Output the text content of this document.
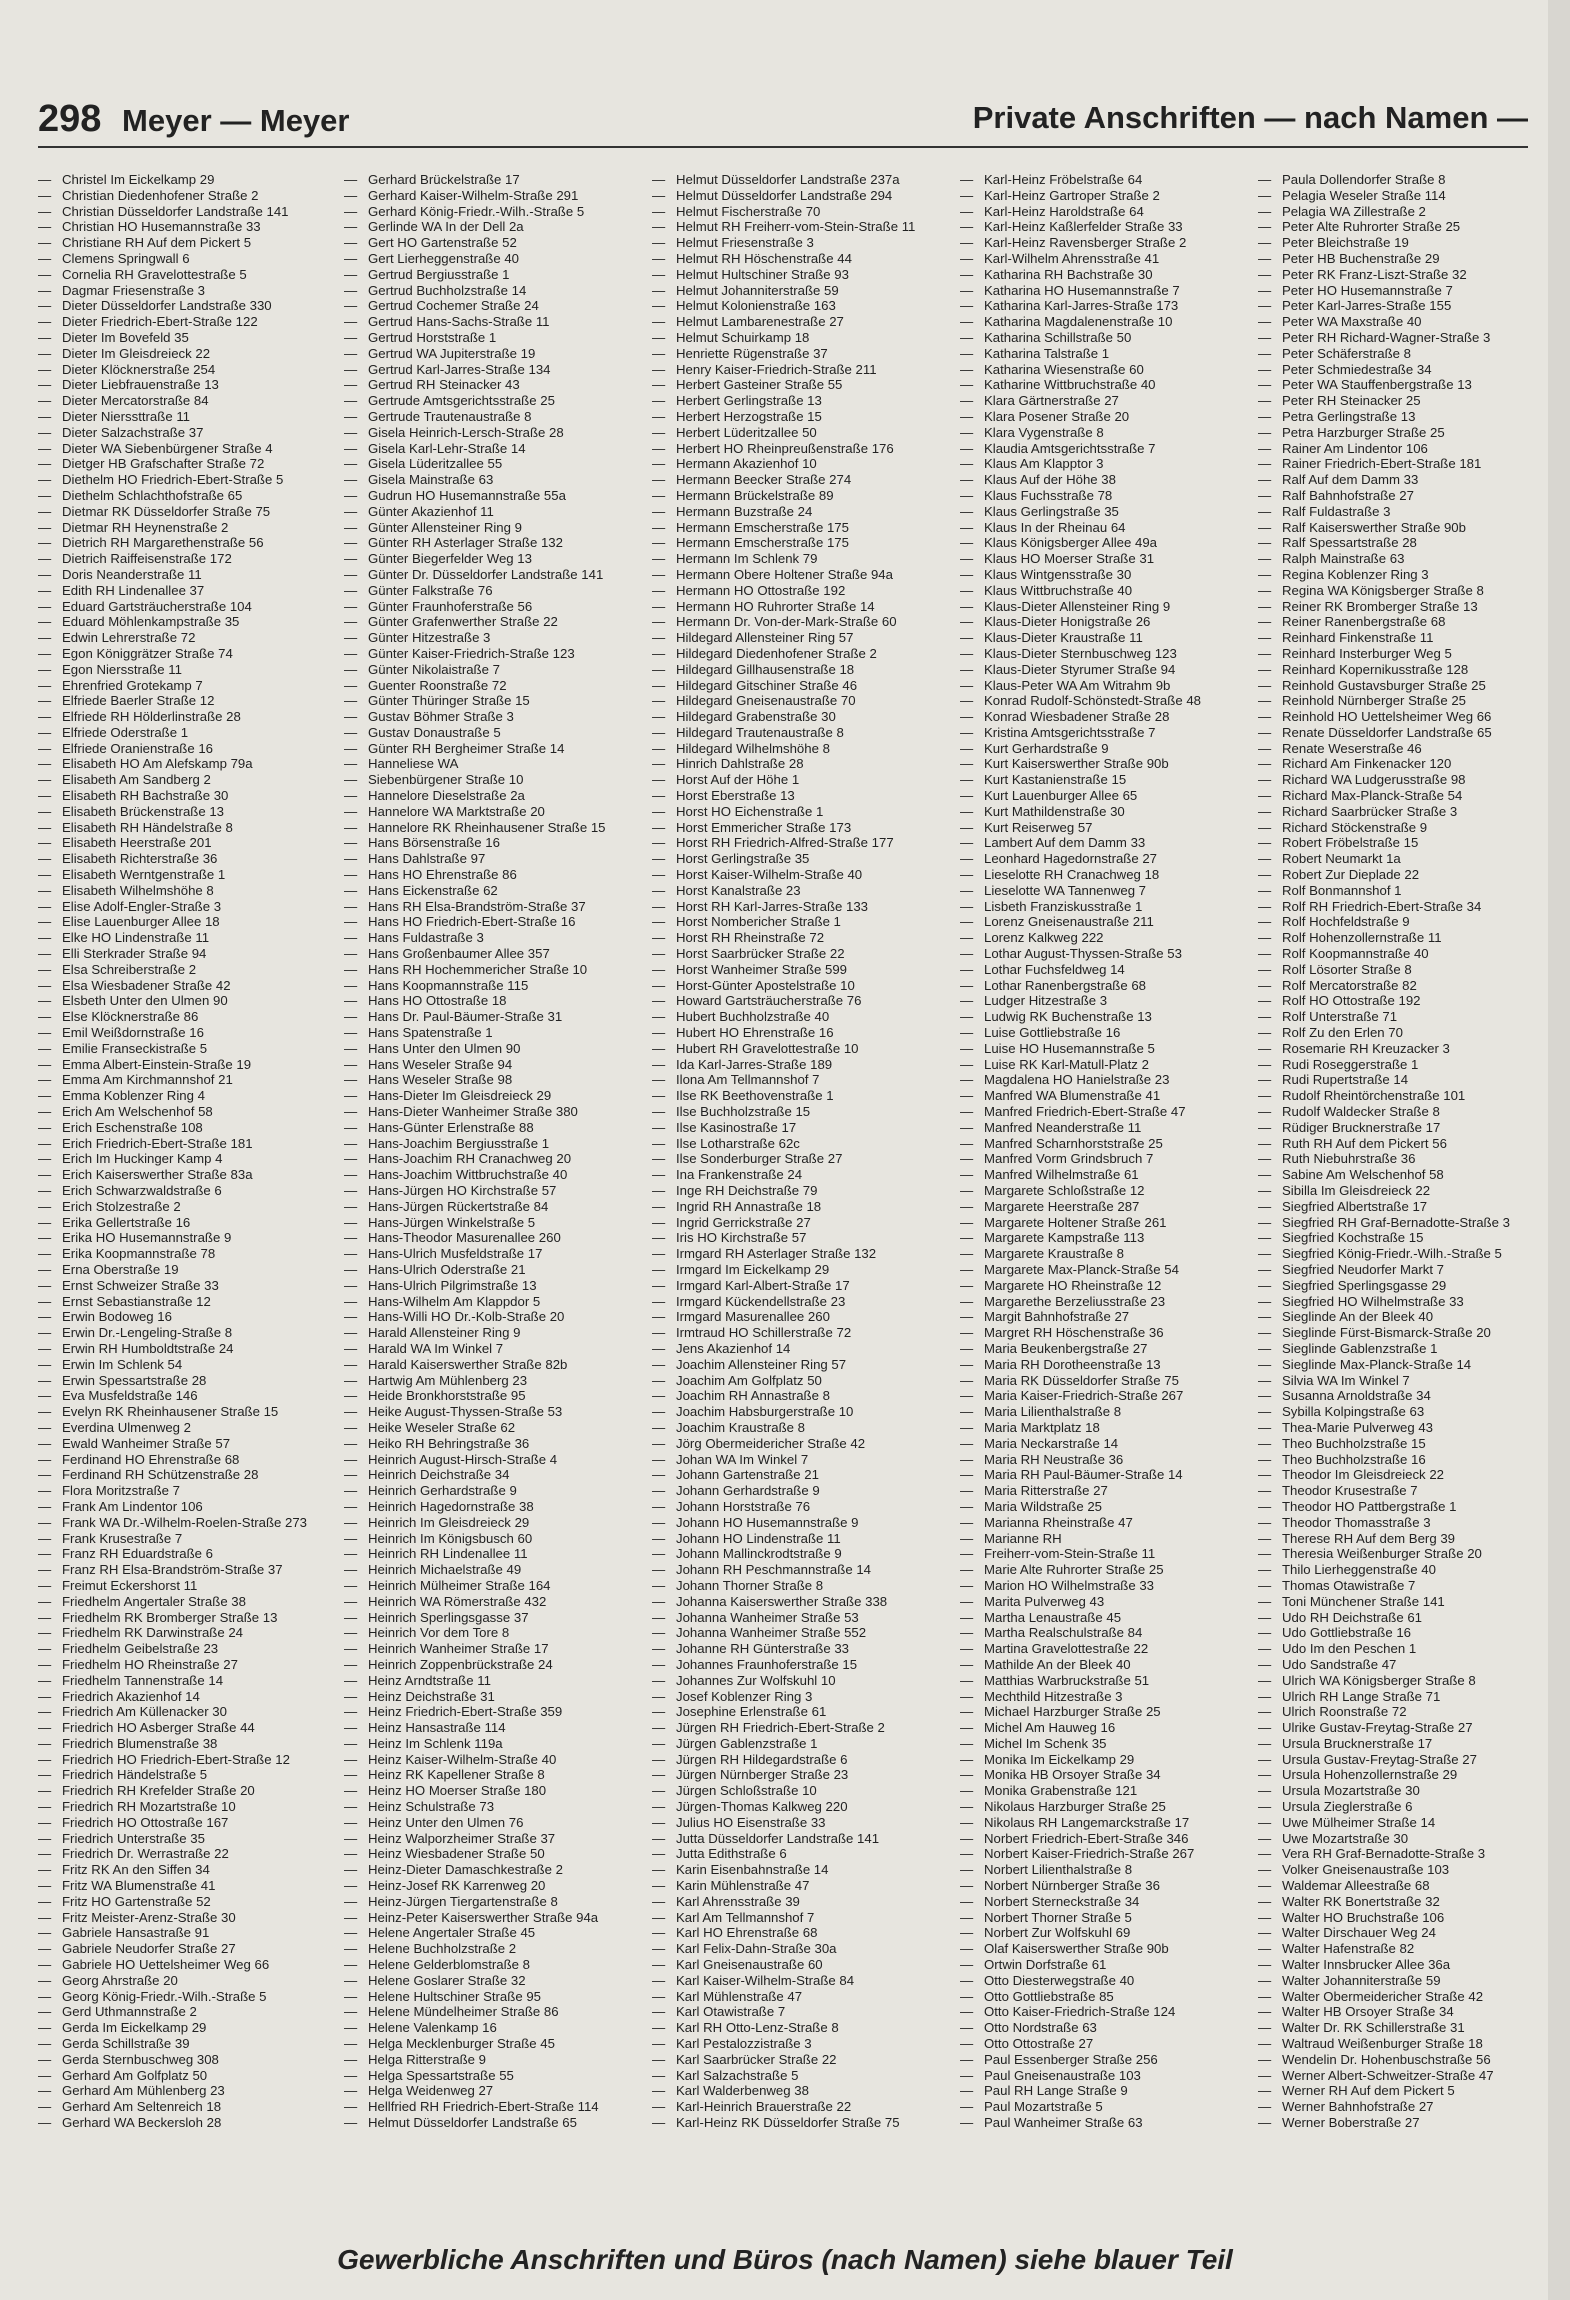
298 Meyer — Meyer	Private Anschriften — nach Namen —
— Christel Im Eickelkamp 29
— Christian Diedenhofener Straße 2
— Christian Düsseldorfer Landstraße 141
— Christian HO Husemannstraße 33
— Christiane RH Auf dem Pickert 5
— Clemens Springwall 6
— Cornelia RH Gravelottestraße 5
— Dagmar Friesenstraße 3
— Dieter Düsseldorfer Landstraße 330
— Dieter Friedrich-Ebert-Straße 122
— Dieter Im Bovefeld 35
— Dieter Im Gleisdreieck 22
— Dieter Klöcknerstraße 254
— Dieter Liebfrauenstraße 13
— Dieter Mercatorstraße 84
— Dieter Nierssttraße 11
— Dieter Salzachstraße 37
— Dieter WA Siebenbürgener Straße 4
— Dietger HB Grafschafter Straße 72
— Diethelm HO Friedrich-Ebert-Straße 5
— Diethelm Schlachthofstraße 65
— Dietmar RK Düsseldorfer Straße 75
— Dietmar RH Heynenstraße 2
— Dietrich RH Margarethenstraße 56
— Dietrich Raiffeisenstraße 172
— Doris Neanderstraße 11
— Edith RH Lindenallee 37
— Eduard Gartsträucherstraße 104
— Eduard Möhlenkampstraße 35
— Edwin Lehrerstraße 72
— Egon Königgrätzer Straße 74
— Egon Niersstraße 11
— Ehrenfried Grotekamp 7
— Elfriede Baerler Straße 12
— Elfriede RH Hölderlinstraße 28
— Elfriede Oderstraße 1
— Elfriede Oranienstraße 16
— Elisabeth HO Am Alefskamp 79a
— Elisabeth Am Sandberg 2
— Elisabeth RH Bachstraße 30
— Elisabeth Brückenstraße 13
— Elisabeth RH Händelstraße 8
— Elisabeth Heerstraße 201
— Elisabeth Richterstraße 36
— Elisabeth Werntgenstraße 1
— Elisabeth Wilhelmshöhe 8
— Elise Adolf-Engler-Straße 3
— Elise Lauenburger Allee 18
— Elke HO Lindenstraße 11
— Elli Sterkrader Straße 94
— Elsa Schreiberstraße 2
— Elsa Wiesbadener Straße 42
— Elsbeth Unter den Ulmen 90
— Else Klöcknerstraße 86
— Emil Weißdornstraße 16
— Emilie Franseckistraße 5
— Emma Albert-Einstein-Straße 19
— Emma Am Kirchmannshof 21
— Emma Koblenzer Ring 4
— Erich Am Welschenhof 58
— Erich Eschenstraße 108
— Erich Friedrich-Ebert-Straße 181
— Erich Im Huckinger Kamp 4
— Erich Kaiserswerther Straße 83a
— Erich Schwarzwaldstraße 6
— Erich Stolzestraße 2
— Erika Gellertstraße 16
— Erika HO Husemannstraße 9
— Erika Koopmannstraße 78
— Erna Oberstraße 19
— Ernst Schweizer Straße 33
— Ernst Sebastianstraße 12
— Erwin Bodoweg 16
— Erwin Dr.-Lengeling-Straße 8
— Erwin RH Humboldtstraße 24
— Erwin Im Schlenk 54
— Erwin Spessartstraße 28
— Eva Musfeldstraße 146
— Evelyn RK Rheinhausener Straße 15
— Everdina Ulmenweg 2
— Ewald Wanheimer Straße 57
— Ferdinand HO Ehrenstraße 68
— Ferdinand RH Schützenstraße 28
— Flora Moritzstraße 7
— Frank Am Lindentor 106
— Frank WA Dr.-Wilhelm-Roelen-Straße 273
— Frank Krusestraße 7
— Franz RH Eduardstraße 6
— Franz RH Elsa-Brandström-Straße 37
— Freimut Eckershorst 11
— Friedhelm Angertaler Straße 38
— Friedhelm RK Bromberger Straße 13
— Friedhelm RK Darwinstraße 24
— Friedhelm Geibelstraße 23
— Friedhelm HO Rheinstraße 27
— Friedhelm Tannenstraße 14
— Friedrich Akazienhof 14
— Friedrich Am Küllenacker 30
— Friedrich HO Asberger Straße 44
— Friedrich Blumenstraße 38
— Friedrich HO Friedrich-Ebert-Straße 12
— Friedrich Händelstraße 5
— Friedrich RH Krefelder Straße 20
— Friedrich RH Mozartstraße 10
— Friedrich HO Ottostraße 167
— Friedrich Unterstraße 35
— Friedrich Dr. Werrastraße 22
— Fritz RK An den Siffen 34
— Fritz WA Blumenstraße 41
— Fritz HO Gartenstraße 52
— Fritz Meister-Arenz-Straße 30
— Gabriele Hansastraße 91
— Gabriele Neudorfer Straße 27
— Gabriele HO Uettelsheimer Weg 66
— Georg Ahrstraße 20
— Georg König-Friedr.-Wilh.-Straße 5
— Gerd Uthmannstraße 2
— Gerda Im Eickelkamp 29
— Gerda Schillstraße 39
— Gerda Sternbuschweg 308
— Gerhard Am Golfplatz 50
— Gerhard Am Mühlenberg 23
— Gerhard Am Seltenreich 18
— Gerhard WA Beckersloh 28
— Gerhard Brückelstraße 17
— Gerhard Kaiser-Wilhelm-Straße 291
— Gerhard König-Friedr.-Wilh.-Straße 5
— Gerlinde WA In der Dell 2a
— Gert HO Gartenstraße 52
— Gert Lierheggenstraße 40
— Gertrud Bergiusstraße 1
— Gertrud Buchholzstraße 14
— Gertrud Cochemer Straße 24
— Gertrud Hans-Sachs-Straße 11
— Gertrud Horststraße 1
— Gertrud WA Jupiterstraße 19
— Gertrud Karl-Jarres-Straße 134
— Gertrud RH Steinacker 43
— Gertrude Amtsgerichtsstraße 25
— Gertrude Trautenaustraße 8
— Gisela Heinrich-Lersch-Straße 28
— Gisela Karl-Lehr-Straße 14
— Gisela Lüderitzallee 55
— Gisela Mainstraße 63
— Gudrun HO Husemannstraße 55a
— Günter Akazienhof 11
— Günter Allensteiner Ring 9
— Günter RH Asterlager Straße 132
— Günter Biegerfelder Weg 13
— Günter Dr. Düsseldorfer Landstraße 141
— Günter Falkstraße 76
— Günter Fraunhoferstraße 56
— Günter Grafenwerther Straße 22
— Günter Hitzestraße 3
— Günter Kaiser-Friedrich-Straße 123
— Günter Nikolaistraße 7
— Guenter Roonstraße 72
— Günter Thüringer Straße 15
— Gustav Böhmer Straße 3
— Gustav Donaustraße 5
— Günter RH Bergheimer Straße 14
— Hanneliese WA
— Siebenbürgener Straße 10
— Hannelore Dieselstraße 2a
— Hannelore WA Marktstraße 20
— Hannelore RK Rheinhausener Straße 15
— Hans Börsenstraße 16
— Hans Dahlstraße 97
— Hans HO Ehrenstraße 86
— Hans Eickenstraße 62
— Hans RH Elsa-Brandström-Straße 37
— Hans HO Friedrich-Ebert-Straße 16
— Hans Fuldastraße 3
— Hans Großenbaumer Allee 357
— Hans RH Hochemmericher Straße 10
— Hans Koopmannstraße 115
— Hans HO Ottostraße 18
— Hans Dr. Paul-Bäumer-Straße 31
— Hans Spatenstraße 1
— Hans Unter den Ulmen 90
— Hans Weseler Straße 94
— Hans Weseler Straße 98
— Hans-Dieter Im Gleisdreieck 29
— Hans-Dieter Wanheimer Straße 380
— Hans-Günter Erlenstraße 88
— Hans-Joachim Bergiusstraße 1
— Hans-Joachim RH Cranachweg 20
— Hans-Joachim Wittbruchstraße 40
— Hans-Jürgen HO Kirchstraße 57
— Hans-Jürgen Rückertstraße 84
— Hans-Jürgen Winkelstraße 5
— Hans-Theodor Masurenallee 260
— Hans-Ulrich Musfeldstraße 17
— Hans-Ulrich Oderstraße 21
— Hans-Ulrich Pilgrimstraße 13
— Hans-Wilhelm Am Klappdor 5
— Hans-Willi HO Dr.-Kolb-Straße 20
— Harald Allensteiner Ring 9
— Harald WA Im Winkel 7
— Harald Kaiserswerther Straße 82b
— Hartwig Am Mühlenberg 23
— Heide Bronkhorststraße 95
— Heike August-Thyssen-Straße 53
— Heike Weseler Straße 62
— Heiko RH Behringstraße 36
— Heinrich August-Hirsch-Straße 4
— Heinrich Deichstraße 34
— Heinrich Gerhardstraße 9
— Heinrich Hagedornstraße 38
— Heinrich Im Gleisdreieck 29
— Heinrich Im Königsbusch 60
— Heinrich RH Lindenallee 11
— Heinrich Michaelstraße 49
— Heinrich Mülheimer Straße 164
— Heinrich WA Römerstraße 432
— Heinrich Sperlingsgasse 37
— Heinrich Vor dem Tore 8
— Heinrich Wanheimer Straße 17
— Heinrich Zoppenbrückstraße 24
— Heinz Arndtstraße 11
— Heinz Deichstraße 31
— Heinz Friedrich-Ebert-Straße 359
— Heinz Hansastraße 114
— Heinz Im Schlenk 119a
— Heinz Kaiser-Wilhelm-Straße 40
— Heinz RK Kapellener Straße 8
— Heinz HO Moerser Straße 180
— Heinz Schulstraße 73
— Heinz Unter den Ulmen 76
— Heinz Walporzheimer Straße 37
— Heinz Wiesbadener Straße 50
— Heinz-Dieter Damaschkestraße 2
— Heinz-Josef RK Karrenweg 20
— Heinz-Jürgen Tiergartenstraße 8
— Heinz-Peter Kaiserswerther Straße 94a
— Helene Angertaler Straße 45
— Helene Buchholzstraße 2
— Helene Gelderblomstraße 8
— Helene Goslarer Straße 32
— Helene Hultschiner Straße 95
— Helene Mündelheimer Straße 86
— Helene Valenkamp 16
— Helga Mecklenburger Straße 45
— Helga Ritterstraße 9
— Helga Spessartstraße 55
— Helga Weidenweg 27
— Hellfried RH Friedrich-Ebert-Straße 114
— Helmut Düsseldorfer Landstraße 65
— Helmut Düsseldorfer Landstraße 237a
— Helmut Düsseldorfer Landstraße 294
— Helmut Fischerstraße 70
— Helmut RH Freiherr-vom-Stein-Straße 11
— Helmut Friesenstraße 3
— Helmut RH Höschenstraße 44
— Helmut Hultschiner Straße 93
— Helmut Johanniterstraße 59
— Helmut Kolonienstraße 163
— Helmut Lambarenestraße 27
— Helmut Schuirkamp 18
— Henriette Rügenstraße 37
— Henry Kaiser-Friedrich-Straße 211
— Herbert Gasteiner Straße 55
— Herbert Gerlingstraße 13
— Herbert Herzogstraße 15
— Herbert Lüderitzallee 50
— Herbert HO Rheinpreußenstraße 176
— Hermann Akazienhof 10
— Hermann Beecker Straße 274
— Hermann Brückelstraße 89
— Hermann Buzstraße 24
— Hermann Emscherstraße 175
— Hermann Emscherstraße 175
— Hermann Im Schlenk 79
— Hermann Obere Holtener Straße 94a
— Hermann HO Ottostraße 192
— Hermann HO Ruhrorter Straße 14
— Hermann Dr. Von-der-Mark-Straße 60
— Hildegard Allensteiner Ring 57
— Hildegard Diedenhofener Straße 2
— Hildegard Gillhausenstraße 18
— Hildegard Gitschiner Straße 46
— Hildegard Gneisenaustraße 70
— Hildegard Grabenstraße 30
— Hildegard Trautenaustraße 8
— Hildegard Wilhelmshöhe 8
— Hinrich Dahlstraße 28
— Horst Auf der Höhe 1
— Horst Eberstraße 13
— Horst HO Eichenstraße 1
— Horst Emmericher Straße 173
— Horst RH Friedrich-Alfred-Straße 177
— Horst Gerlingstraße 35
— Horst Kaiser-Wilhelm-Straße 40
— Horst Kanalstraße 23
— Horst RH Karl-Jarres-Straße 133
— Horst Nombericher Straße 1
— Horst RH Rheinstraße 72
— Horst Saarbrücker Straße 22
— Horst Wanheimer Straße 599
— Horst-Günter Apostelstraße 10
— Howard Gartsträucherstraße 76
— Hubert Buchholzstraße 40
— Hubert HO Ehrenstraße 16
— Hubert RH Gravelottestraße 10
— Ida Karl-Jarres-Straße 189
— Ilona Am Tellmannshof 7
— Ilse RK Beethovenstraße 1
— Ilse Buchholzstraße 15
— Ilse Kasinostraße 17
— Ilse Lotharstraße 62c
— Ilse Sonderburger Straße 27
— Ina Frankenstraße 24
— Inge RH Deichstraße 79
— Ingrid RH Annastraße 18
— Ingrid Gerrickstraße 27
— Iris HO Kirchstraße 57
— Irmgard RH Asterlager Straße 132
— Irmgard Im Eickelkamp 29
— Irmgard Karl-Albert-Straße 17
— Irmgard Kückendellstraße 23
— Irmgard Masurenallee 260
— Irmtraud HO Schillerstraße 72
— Jens Akazienhof 14
— Joachim Allensteiner Ring 57
— Joachim Am Golfplatz 50
— Joachim RH Annastraße 8
— Joachim Habsburgerstraße 10
— Joachim Kraustraße 8
— Jörg Obermeidericher Straße 42
— Johan WA Im Winkel 7
— Johann Gartenstraße 21
— Johann Gerhardstraße 9
— Johann Horststraße 76
— Johann HO Husemannstraße 9
— Johann HO Lindenstraße 11
— Johann Mallinckrodtstraße 9
— Johann RH Peschmannstraße 14
— Johann Thorner Straße 8
— Johanna Kaiserswerther Straße 338
— Johanna Wanheimer Straße 53
— Johanna Wanheimer Straße 552
— Johanne RH Günterstraße 33
— Johannes Fraunhoferstraße 15
— Johannes Zur Wolfskuhl 10
— Josef Koblenzer Ring 3
— Josephine Erlenstraße 61
— Jürgen RH Friedrich-Ebert-Straße 2
— Jürgen Gablenzstraße 1
— Jürgen RH Hildegardstraße 6
— Jürgen Nürnberger Straße 23
— Jürgen Schloßstraße 10
— Jürgen-Thomas Kalkweg 220
— Julius HO Eisenstraße 33
— Jutta Düsseldorfer Landstraße 141
— Jutta Edithstraße 6
— Karin Eisenbahnstraße 14
— Karin Mühlenstraße 47
— Karl Ahrensstraße 39
— Karl Am Tellmannshof 7
— Karl HO Ehrenstraße 68
— Karl Felix-Dahn-Straße 30a
— Karl Gneisenaustraße 60
— Karl Kaiser-Wilhelm-Straße 84
— Karl Mühlenstraße 47
— Karl Otawistraße 7
— Karl RH Otto-Lenz-Straße 8
— Karl Pestalozzistraße 3
— Karl Saarbrücker Straße 22
— Karl Salzachstraße 5
— Karl Walderbenweg 38
— Karl-Heinrich Brauerstraße 22
— Karl-Heinz RK Düsseldorfer Straße 75
— Karl-Heinz Fröbelstraße 64
— Karl-Heinz Gartroper Straße 2
— Karl-Heinz Haroldstraße 64
— Karl-Heinz Kaßlerfelder Straße 33
— Karl-Heinz Ravensberger Straße 2
— Karl-Wilhelm Ahrensstraße 41
— Katharina RH Bachstraße 30
— Katharina HO Husemannstraße 7
— Katharina Karl-Jarres-Straße 173
— Katharina Magdalenenstraße 10
— Katharina Schillstraße 50
— Katharina Talstraße 1
— Katharina Wiesenstraße 60
— Katharine Wittbruchstraße 40
— Klara Gärtnerstraße 27
— Klara Posener Straße 20
— Klara Vygenstraße 8
— Klaudia Amtsgerichtsstraße 7
— Klaus Am Klapptor 3
— Klaus Auf der Höhe 38
— Klaus Fuchsstraße 78
— Klaus Gerlingstraße 35
— Klaus In der Rheinau 64
— Klaus Königsberger Allee 49a
— Klaus HO Moerser Straße 31
— Klaus Wintgensstraße 30
— Klaus Wittbruchstraße 40
— Klaus-Dieter Allensteiner Ring 9
— Klaus-Dieter Honigstraße 26
— Klaus-Dieter Kraustraße 11
— Klaus-Dieter Sternbuschweg 123
— Klaus-Dieter Styrumer Straße 94
— Klaus-Peter WA Am Witrahm 9b
— Konrad Rudolf-Schönstedt-Straße 48
— Konrad Wiesbadener Straße 28
— Kristina Amtsgerichtsstraße 7
— Kurt Gerhardstraße 9
— Kurt Kaiserswerther Straße 90b
— Kurt Kastanienstraße 15
— Kurt Lauenburger Allee 65
— Kurt Mathildenstraße 30
— Kurt Reiserweg 57
— Lambert Auf dem Damm 33
— Leonhard Hagedornstraße 27
— Lieselotte RH Cranachweg 18
— Lieselotte WA Tannenweg 7
— Lisbeth Franziskusstraße 1
— Lorenz Gneisenaustraße 211
— Lorenz Kalkweg 222
— Lothar August-Thyssen-Straße 53
— Lothar Fuchsfeldweg 14
— Lothar Ranenbergstraße 68
— Ludger Hitzestraße 3
— Ludwig RK Buchenstraße 13
— Luise Gottliebstraße 16
— Luise HO Husemannstraße 5
— Luise RK Karl-Matull-Platz 2
— Magdalena HO Hanielstraße 23
— Manfred WA Blumenstraße 41
— Manfred Friedrich-Ebert-Straße 47
— Manfred Neanderstraße 11
— Manfred Scharnhorststraße 25
— Manfred Vorm Grindsbruch 7
— Manfred Wilhelmstraße 61
— Margarete Schloßstraße 12
— Margarete Heerstraße 287
— Margarete Holtener Straße 261
— Margarete Kampstraße 113
— Margarete Kraustraße 8
— Margarete Max-Planck-Straße 54
— Margarete HO Rheinstraße 12
— Margarethe Berzeliusstraße 23
— Margit Bahnhofstraße 27
— Margret RH Höschenstraße 36
— Maria Beukenbergstraße 27
— Maria RH Dorotheenstraße 13
— Maria RK Düsseldorfer Straße 75
— Maria Kaiser-Friedrich-Straße 267
— Maria Lilienthalstraße 8
— Maria Marktplatz 18
— Maria Neckarstraße 14
— Maria RH Neustraße 36
— Maria RH Paul-Bäumer-Straße 14
— Maria Ritterstraße 27
— Maria Wildstraße 25
— Marianna Rheinstraße 47
— Marianne RH
— Freiherr-vom-Stein-Straße 11
— Marie Alte Ruhrorter Straße 25
— Marion HO Wilhelmstraße 33
— Marita Pulverweg 43
— Martha Lenaustraße 45
— Martha Realschulstraße 84
— Martina Gravelottestraße 22
— Mathilde An der Bleek 40
— Matthias Warbruckstraße 51
— Mechthild Hitzestraße 3
— Michael Harzburger Straße 25
— Michel Am Hauweg 16
— Michel Im Schenk 35
— Monika Im Eickelkamp 29
— Monika HB Orsoyer Straße 34
— Monika Grabenstraße 121
— Nikolaus Harzburger Straße 25
— Nikolaus RH Langemarckstraße 17
— Norbert Friedrich-Ebert-Straße 346
— Norbert Kaiser-Friedrich-Straße 267
— Norbert Lilienthalstraße 8
— Norbert Nürnberger Straße 36
— Norbert Sterneckstraße 34
— Norbert Thorner Straße 5
— Norbert Zur Wolfskuhl 69
— Olaf Kaiserswerther Straße 90b
— Ortwin Dorfstraße 61
— Otto Diesterwegstraße 40
— Otto Gottliebstraße 85
— Otto Kaiser-Friedrich-Straße 124
— Otto Nordstraße 63
— Otto Ottostraße 27
— Paul Essenberger Straße 256
— Paul Gneisenaustraße 103
— Paul RH Lange Straße 9
— Paul Mozartstraße 5
— Paul Wanheimer Straße 63
— Paula Dollendorfer Straße 8
— Pelagia Weseler Straße 114
— Pelagia WA Zillestraße 2
— Peter Alte Ruhrorter Straße 25
— Peter Bleichstraße 19
— Peter HB Buchenstraße 29
— Peter RK Franz-Liszt-Straße 32
— Peter HO Husemannstraße 7
— Peter Karl-Jarres-Straße 155
— Peter WA Maxstraße 40
— Peter RH Richard-Wagner-Straße 3
— Peter Schäferstraße 8
— Peter Schmiedestraße 34
— Peter WA Stauffenbergstraße 13
— Peter RH Steinacker 25
— Petra Gerlingstraße 13
— Petra Harzburger Straße 25
— Rainer Am Lindentor 106
— Rainer Friedrich-Ebert-Straße 181
— Ralf Auf dem Damm 33
— Ralf Bahnhofstraße 27
— Ralf Fuldastraße 3
— Ralf Kaiserswerther Straße 90b
— Ralf Spessartstraße 28
— Ralph Mainstraße 63
— Regina Koblenzer Ring 3
— Regina WA Königsberger Straße 8
— Reiner RK Bromberger Straße 13
— Reiner Ranenbergstraße 68
— Reinhard Finkenstraße 11
— Reinhard Insterburger Weg 5
— Reinhard Kopernikusstraße 128
— Reinhold Gustavsburger Straße 25
— Reinhold Nürnberger Straße 25
— Reinhold HO Uettelsheimer Weg 66
— Renate Düsseldorfer Landstraße 65
— Renate Weserstraße 46
— Richard Am Finkenacker 120
— Richard WA Ludgerusstraße 98
— Richard Max-Planck-Straße 54
— Richard Saarbrücker Straße 3
— Richard Stöckenstraße 9
— Robert Fröbelstraße 15
— Robert Neumarkt 1a
— Robert Zur Dieplade 22
— Rolf Bonmannshof 1
— Rolf RH Friedrich-Ebert-Straße 34
— Rolf Hochfeldstraße 9
— Rolf Hohenzollernstraße 11
— Rolf Koopmannstraße 40
— Rolf Lösorter Straße 8
— Rolf Mercatorstraße 82
— Rolf HO Ottostraße 192
— Rolf Unterstraße 71
— Rolf Zu den Erlen 70
— Rosemarie RH Kreuzacker 3
— Rudi Roseggerstraße 1
— Rudi Rupertstraße 14
— Rudolf Rheintörchenstraße 101
— Rudolf Waldecker Straße 8
— Rüdiger Brucknerstraße 17
— Ruth RH Auf dem Pickert 56
— Ruth Niebuhrstraße 36
— Sabine Am Welschenhof 58
— Sibilla Im Gleisdreieck 22
— Siegfried Albertstraße 17
— Siegfried RH Graf-Bernadotte-Straße 3
— Siegfried Kochstraße 15
— Siegfried König-Friedr.-Wilh.-Straße 5
— Siegfried Neudorfer Markt 7
— Siegfried Sperlingsgasse 29
— Siegfried HO Wilhelmstraße 33
— Sieglinde An der Bleek 40
— Sieglinde Fürst-Bismarck-Straße 20
— Sieglinde Gablenzstraße 1
— Sieglinde Max-Planck-Straße 14
— Silvia WA Im Winkel 7
— Susanna Arnoldstraße 34
— Sybilla Kolpingstraße 63
— Thea-Marie Pulverweg 43
— Theo Buchholzstraße 15
— Theo Buchholzstraße 16
— Theodor Im Gleisdreieck 22
— Theodor Krusestraße 7
— Theodor HO Pattbergstraße 1
— Theodor Thomasstraße 3
— Therese RH Auf dem Berg 39
— Theresia Weißenburger Straße 20
— Thilo Lierheggenstraße 40
— Thomas Otawistraße 7
— Toni Münchener Straße 141
— Udo RH Deichstraße 61
— Udo Gottliebstraße 16
— Udo Im den Peschen 1
— Udo Sandstraße 47
— Ulrich WA Königsberger Straße 8
— Ulrich RH Lange Straße 71
— Ulrich Roonstraße 72
— Ulrike Gustav-Freytag-Straße 27
— Ursula Brucknerstraße 17
— Ursula Gustav-Freytag-Straße 27
— Ursula Hohenzollernstraße 29
— Ursula Mozartstraße 30
— Ursula Zieglerstraße 6
— Uwe Mülheimer Straße 14
— Uwe Mozartstraße 30
— Vera RH Graf-Bernadotte-Straße 3
— Volker Gneisenaustraße 103
— Waldemar Alleestraße 68
— Walter RK Bonertstraße 32
— Walter HO Bruchstraße 106
— Walter Dirschauer Weg 24
— Walter Hafenstraße 82
— Walter Innsbrucker Allee 36a
— Walter Johanniterstraße 59
— Walter Obermeidericher Straße 42
— Walter HB Orsoyer Straße 34
— Walter Dr. RK Schillerstraße 31
— Waltraud Weißenburger Straße 18
— Wendelin Dr. Hohenbuschstraße 56
— Werner Albert-Schweitzer-Straße 47
— Werner RH Auf dem Pickert 5
— Werner Bahnhofstraße 27
— Werner Boberstraße 27
Gewerbliche Anschriften und Büros (nach Namen) siehe blauer Teil
